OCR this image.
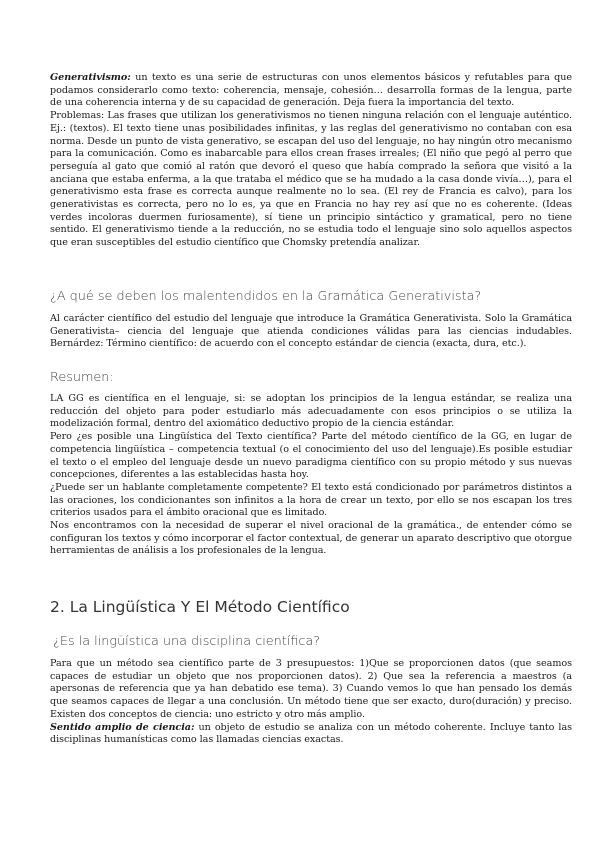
Generativismo: un texto es una serie de estructuras con unos elementos básicos y refutables para que podamos considerarlo como texto: coherencia, mensaje, cohesión… desarrolla formas de la lengua, parte de una coherencia interna y de su capacidad de generación. Deja fuera la importancia del texto.

Problemas: Las frases que utilizan los generativismos no tienen ninguna relación con el lenguaje auténtico. Ej.: (textos). El texto tiene unas posibilidades infinitas, y las reglas del generativismo no contaban con esa norma. Desde un punto de vista generativo, se escapan del uso del lenguaje, no hay ningún otro mecanismo para la comunicación. Como es inabarcable para ellos crean frases irreales; (El niño que pegó al perro que perseguía al gato que comió al ratón que devoró el queso que había comprado la señora que visitó a la anciana que estaba enferma, a la que trataba el médico que se ha mudado a la casa donde vivía…), para el generativismo esta frase es correcta aunque realmente no lo sea. (El rey de Francia es calvo), para los generativistas es correcta, pero no lo es, ya que en Francia no hay rey así que no es coherente. (Ideas verdes incoloras duermen furiosamente), sí tiene un principio sintáctico y gramatical, pero no tiene sentido. El generativismo tiende a la reducción, no se estudia todo el lenguaje sino solo aquellos aspectos que eran susceptibles del estudio científico que Chomsky pretendía analizar.

¿A qué se deben los malentendidos en la Gramática Generativista?

Al carácter científico del estudio del lenguaje que introduce la Gramática Generativista. Solo la Gramática Generativista– ciencia del lenguaje que atienda condiciones válidas para las ciencias indudables. Bernárdez: Término científico: de acuerdo con el concepto estándar de ciencia (exacta, dura, etc.).

Resumen:

LA GG es científica en el lenguaje, si: se adoptan los principios de la lengua estándar, se realiza una reducción del objeto para poder estudiarlo más adecuadamente con esos principios o se utiliza la modelización formal, dentro del axiomático deductivo propio de la ciencia estándar.

Pero ¿es posible una Lingüística del Texto científica? Parte del método científico de la GG, en lugar de competencia lingüística – competencia textual (o el conocimiento del uso del lenguaje).Es posible estudiar el texto o el empleo del lenguaje desde un nuevo paradigma científico con su propio método y sus nuevas concepciones, diferentes a las establecidas hasta hoy.

¿Puede ser un hablante completamente competente? El texto está condicionado por parámetros distintos a las oraciones, los condicionantes son infinitos a la hora de crear un texto, por ello se nos escapan los tres criterios usados para el ámbito oracional que es limitado.

Nos encontramos con la necesidad de superar el nivel oracional de la gramática., de entender cómo se configuran los textos y cómo incorporar el factor contextual, de generar un aparato descriptivo que otorgue herramientas de análisis a los profesionales de la lengua.

2. La Lingüística Y El Método Científico
¿Es la lingüística una disciplina científica?

Para que un método sea científico parte de 3 presupuestos: 1)Que se proporcionen datos (que seamos capaces de estudiar un objeto que nos proporcionen datos). 2) Que sea la referencia a maestros (a apersonas de referencia que ya han debatido ese tema). 3) Cuando vemos lo que han pensado los demás que seamos capaces de llegar a una conclusión. Un método tiene que ser exacto, duro(duración) y preciso. Existen dos conceptos de ciencia: uno estricto y otro más amplio.

Sentido amplio de ciencia: un objeto de estudio se analiza con un método coherente. Incluye tanto las disciplinas humanísticas como las llamadas ciencias exactas.
